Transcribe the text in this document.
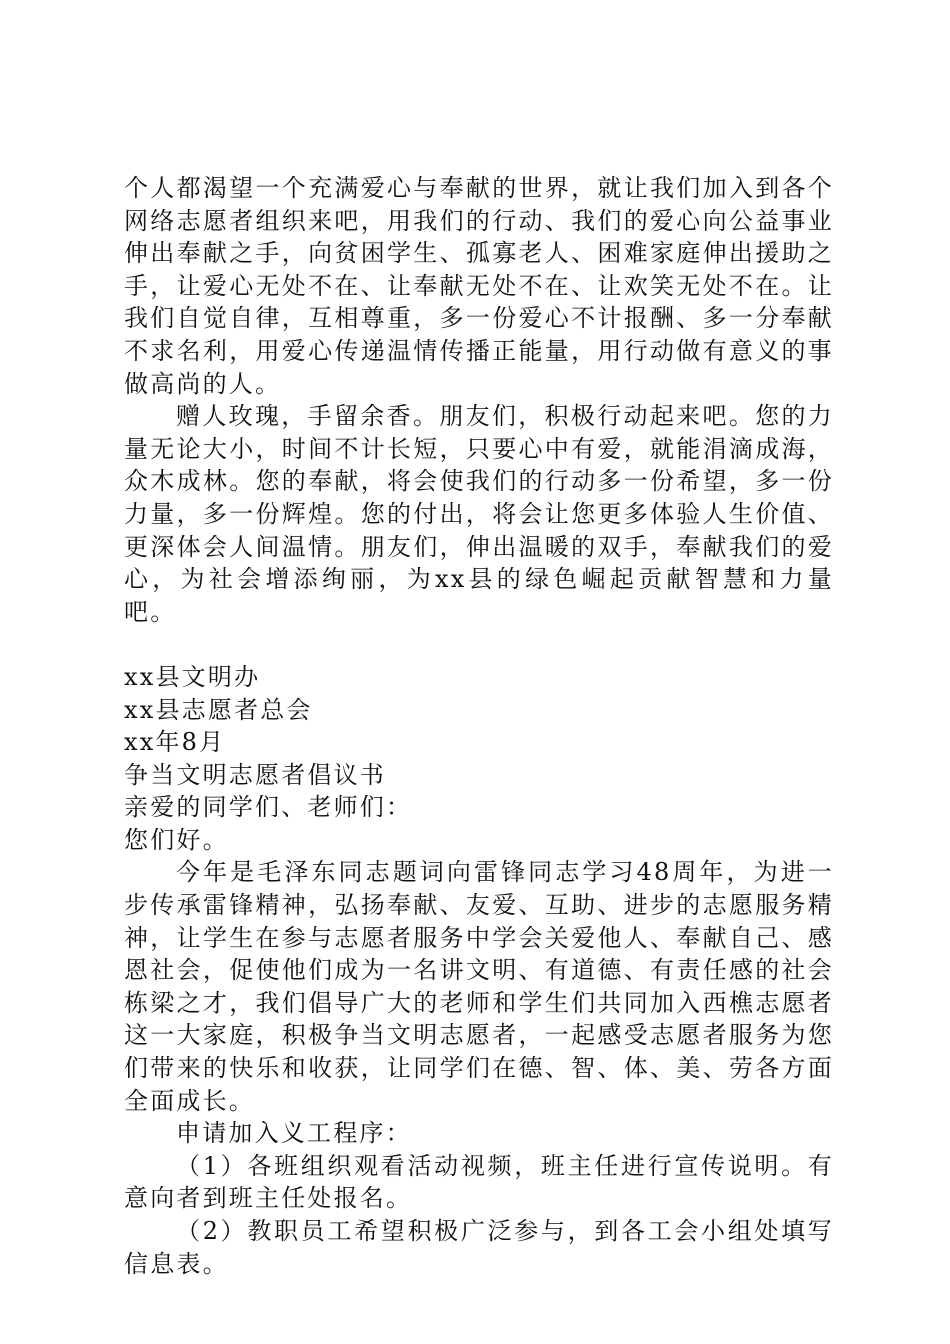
个人都渴望一个充满爱心与奉献的世界，就让我们加入到各个网络志愿者组织来吧，用我们的行动、我们的爱心向公益事业伸出奉献之手，向贫困学生、孤寡老人、困难家庭伸出援助之手，让爱心无处不在、让奉献无处不在、让欢笑无处不在。让我们自觉自律，互相尊重，多一份爱心不计报酬、多一分奉献不求名利，用爱心传递温情传播正能量，用行动做有意义的事做高尚的人。

赠人玫瑰，手留余香。朋友们，积极行动起来吧。您的力量无论大小，时间不计长短，只要心中有爱，就能涓滴成海，众木成林。您的奉献，将会使我们的行动多一份希望，多一份力量，多一份辉煌。您的付出，将会让您更多体验人生价值、更深体会人间温情。朋友们，伸出温暖的双手，奉献我们的爱心，为社会增添绚丽，为xx县的绿色崛起贡献智慧和力量吧。

xx县文明办

xx县志愿者总会

xx年8月

争当文明志愿者倡议书

亲爱的同学们、老师们：

您们好。

今年是毛泽东同志题词向雷锋同志学习48周年，为进一步传承雷锋精神，弘扬奉献、友爱、互助、进步的志愿服务精神，让学生在参与志愿者服务中学会关爱他人、奉献自己、感恩社会，促使他们成为一名讲文明、有道德、有责任感的社会栋梁之才，我们倡导广大的老师和学生们共同加入西樵志愿者这一大家庭，积极争当文明志愿者，一起感受志愿者服务为您们带来的快乐和收获，让同学们在德、智、体、美、劳各方面全面成长。

申请加入义工程序：

（1）各班组织观看活动视频，班主任进行宣传说明。有意向者到班主任处报名。

（2）教职员工希望积极广泛参与，到各工会小组处填写信息表。
